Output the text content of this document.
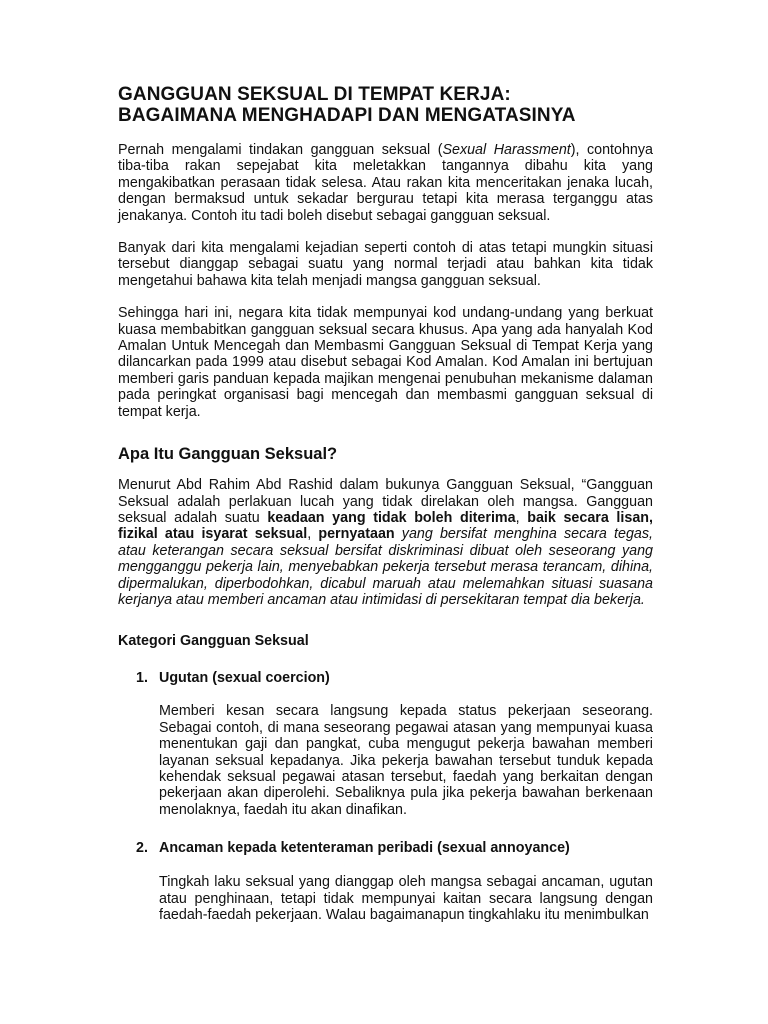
GANGGUAN SEKSUAL DI TEMPAT KERJA:
BAGAIMANA MENGHADAPI DAN MENGATASINYA

Pernah mengalami tindakan gangguan seksual (Sexual Harassment), contohnya tiba-tiba rakan sepejabat kita meletakkan tangannya dibahu kita yang mengakibatkan perasaan tidak selesa. Atau rakan kita menceritakan jenaka lucah, dengan bermaksud untuk sekadar bergurau tetapi kita merasa terganggu atas jenakanya. Contoh itu tadi boleh disebut sebagai gangguan seksual.

Banyak dari kita mengalami kejadian seperti contoh di atas tetapi mungkin situasi tersebut dianggap sebagai suatu yang normal terjadi atau bahkan kita tidak mengetahui bahawa kita telah menjadi mangsa gangguan seksual.

Sehingga hari ini, negara kita tidak mempunyai kod undang-undang yang berkuat kuasa membabitkan gangguan seksual secara khusus. Apa yang ada hanyalah Kod Amalan Untuk Mencegah dan Membasmi Gangguan Seksual di Tempat Kerja yang dilancarkan pada 1999 atau disebut sebagai Kod Amalan. Kod Amalan ini bertujuan memberi garis panduan kepada majikan mengenai penubuhan mekanisme dalaman pada peringkat organisasi bagi mencegah dan membasmi gangguan seksual di tempat kerja.

Apa Itu Gangguan Seksual?

Menurut Abd Rahim Abd Rashid dalam bukunya Gangguan Seksual, “Gangguan Seksual adalah perlakuan lucah yang tidak direlakan oleh mangsa. Gangguan seksual adalah suatu keadaan yang tidak boleh diterima, baik secara lisan, fizikal atau isyarat seksual, pernyataan yang bersifat menghina secara tegas, atau keterangan secara seksual bersifat diskriminasi dibuat oleh seseorang yang mengganggu pekerja lain, menyebabkan pekerja tersebut merasa terancam, dihina, dipermalukan, diperbodohkan, dicabul maruah atau melemahkan situasi suasana kerjanya atau memberi ancaman atau intimidasi di persekitaran tempat dia bekerja.

Kategori Gangguan Seksual
1. Ugutan (sexual coercion)

Memberi kesan secara langsung kepada status pekerjaan seseorang. Sebagai contoh, di mana seseorang pegawai atasan yang mempunyai kuasa menentukan gaji dan pangkat, cuba mengugut pekerja bawahan memberi layanan seksual kepadanya. Jika pekerja bawahan tersebut tunduk kepada kehendak seksual pegawai atasan tersebut, faedah yang berkaitan dengan pekerjaan akan diperolehi. Sebaliknya pula jika pekerja bawahan berkenaan menolaknya, faedah itu akan dinafikan.

2. Ancaman kepada ketenteraman peribadi (sexual annoyance)

Tingkah laku seksual yang dianggap oleh mangsa sebagai ancaman, ugutan atau penghinaan, tetapi tidak mempunyai kaitan secara langsung dengan faedah-faedah pekerjaan. Walau bagaimanapun tingkahlaku itu menimbulkan
